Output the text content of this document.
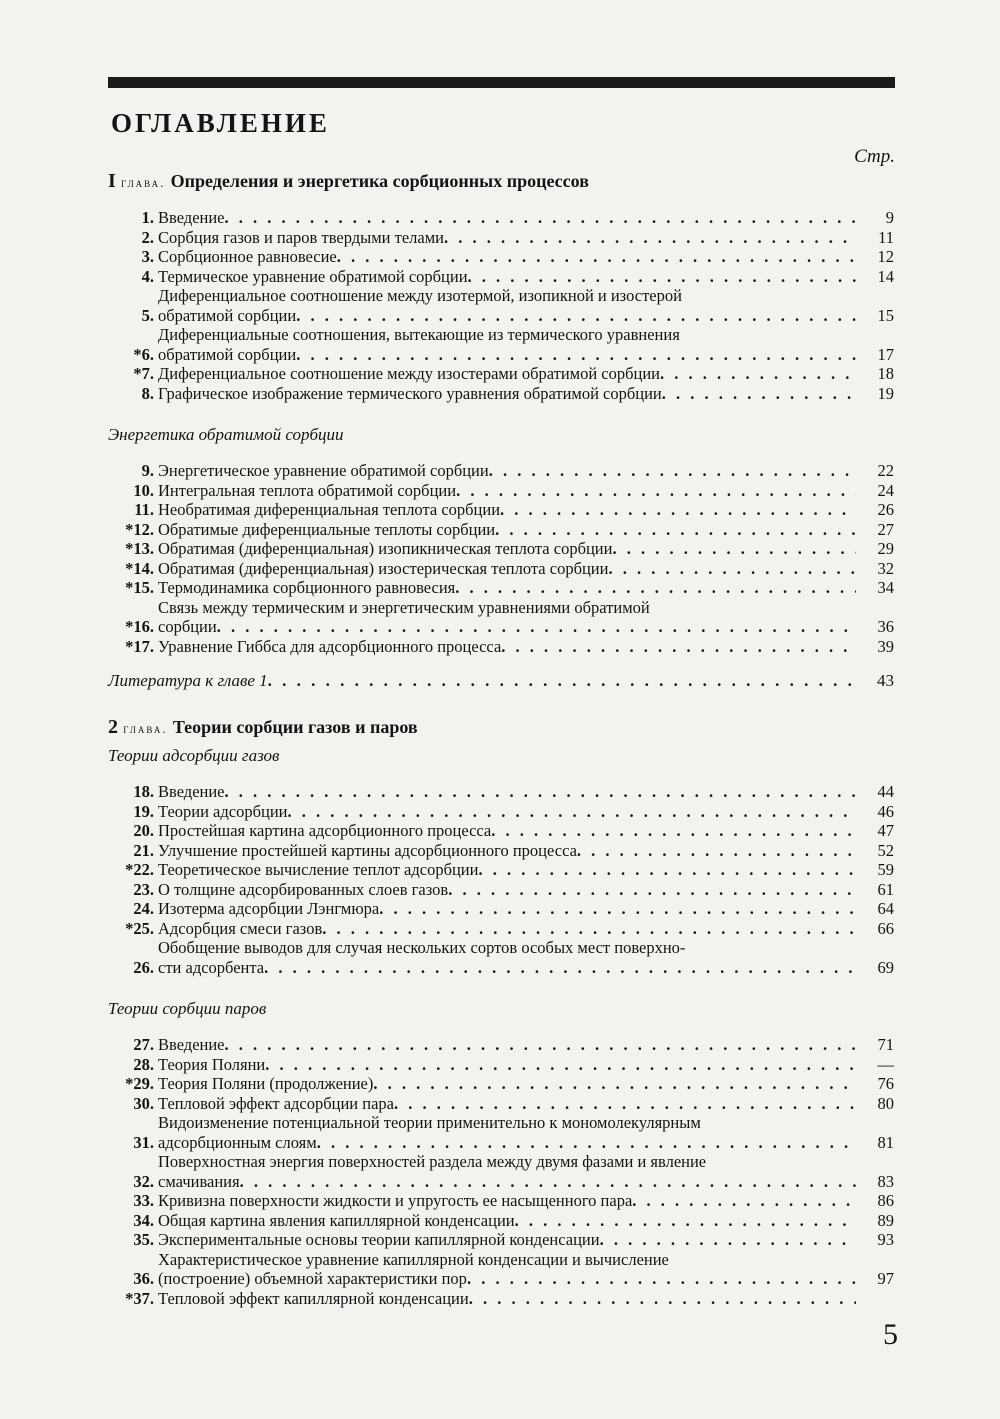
ОГЛАВЛЕНИЕ
Стр.
I глава. Определения и энергетика сорбционных процессов
1. Введение . . .	9
2. Сорбция газов и паров твердыми телами . . .	11
3. Сорбционное равновесие . . .	12
4. Термическое уравнение обратимой сорбции . . .	14
5.
Диференциальное соотношение между изотермой, изопикной и изостерой
обратимой сорбции . . .	15
*6.
Диференциальные соотношения, вытекающие из термического уравнения
обратимой сорбции . . .	17
*7. Диференциальное соотношение между изостерами обратимой сорбции . . .	18
8. Графическое изображение термического уравнения обратимой сорбции . . .	19
Энергетика обратимой сорбции
9. Энергетическое уравнение обратимой сорбции . . .	22
10. Интегральная теплота обратимой сорбции . . .	24
11. Необратимая диференциальная теплота сорбции . . .	26
*12. Обратимые диференциальные теплоты сорбции . . .	27
*13. Обратимая (диференциальная) изопикническая теплота сорбции . . .	29
*14. Обратимая (диференциальная) изостерическая теплота сорбции . . .	32
*15. Термодинамика сорбционного равновесия . . .	34
*16.
Связь между термическим и энергетическим уравнениями обратимой
сорбции . . .	36
*17. Уравнение Гиббса для адсорбционного процесса . . .	39
Литература к главе 1 . . .	43
2 глава. Теории сорбции газов и паров
Теории адсорбции газов
18. Введение . . .	44
19. Теории адсорбции . . .	46
20. Простейшая картина адсорбционного процесса . . .	47
21. Улучшение простейшей картины адсорбционного процесса . . .	52
*22. Теоретическое вычисление теплот адсорбции . . .	59
23. О толщине адсорбированных слоев газов . . .	61
24. Изотерма адсорбции Лэнгмюра . . .	64
*25. Адсорбция смеси газов . . .	66
26.
Обобщение выводов для случая нескольких сортов особых мест поверхно-
сти адсорбента . . .	69
Теории сорбции паров
27. Введение . . .	71
28. Теория Поляни . . .	—
*29. Теория Поляни (продолжение) . . .	76
30. Тепловой эффект адсорбции пара . . .	80
31.
Видоизменение потенциальной теории применительно к мономолекулярным
адсорбционным слоям . . .	81
32.
Поверхностная энергия поверхностей раздела между двумя фазами и явление
смачивания . . .	83
33. Кривизна поверхности жидкости и упругость ее насыщенного пара . . .	86
34. Общая картина явления капиллярной конденсации . . .	89
35. Экспериментальные основы теории капиллярной конденсации . . .	93
36.
Характеристическое уравнение капиллярной конденсации и вычисление
(построение) объемной характеристики пор . . .	97
*37. Тепловой эффект капиллярной конденсации
. . .
5
